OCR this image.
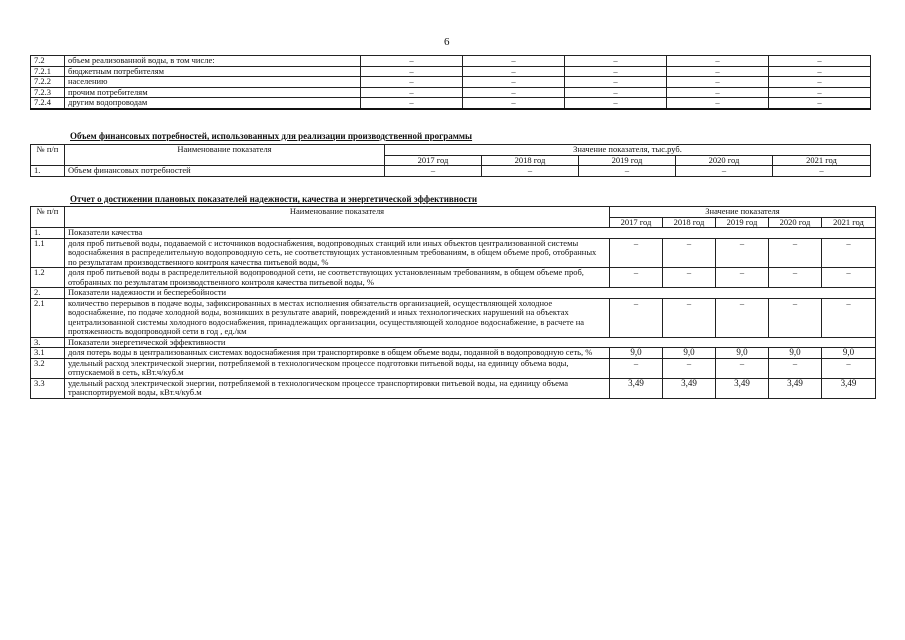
6
7.2	объем реализованной воды, в том числе:	–	–	–	–	–
7.2.1	бюджетным потребителям	–	–	–	–	–
7.2.2	населению	–	–	–	–	–
7.2.3	прочим потребителям	–	–	–	–	–
7.2.4	другим водопроводам	–	–	–	–	–
Объем финансовых потребностей, использованных для реализации производственной программы
№ п/п	Наименование показателя	Значение показателя, тыс.руб.				
		2017 год	2018 год	2019 год	2020 год	2021 год
1.	Объем финансовых потребностей	–	–	–	–	–
Отчет о достижении плановых показателей надежности, качества и энергетической эффективности
№ п/п	Наименование показателя	Значение показателя				
		2017 год	2018 год	2019 год	2020 год	2021 год
1.	Показатели качества					
1.1	доля проб питьевой воды, подаваемой с источников водоснабжения, водопроводных станций или иных объектов централизованной системы водоснабжения в распределительную водопроводную сеть, не соответствующих установленным требованиям, в общем объеме проб, отобранных по результатам производственного контроля качества питьевой воды, %	–	–	–	–	–
1.2	доля проб питьевой воды в распределительной водопроводной сети, не соответствующих установленным требованиям, в общем объеме проб, отобранных по результатам производственного контроля качества питьевой воды, %	–	–	–	–	–
2.	Показатели надежности и бесперебойности					
2.1	количество перерывов в подаче воды, зафиксированных в местах исполнения обязательств организацией, осуществляющей холодное водоснабжение, по подаче холодной воды, возникших в результате аварий, повреждений и иных технологических нарушений на объектах централизованной системы холодного водоснабжения, принадлежащих организации, осуществляющей холодное водоснабжение, в расчете на протяженность водопроводной сети в год , ед./км	–	–	–	–	–
3.	Показатели энергетической эффективности					
3.1	доля потерь воды в централизованных системах водоснабжения при транспортировке в общем объеме воды, поданной в водопроводную сеть, %	9,0	9,0	9,0	9,0	9,0
3.2	удельный расход электрической энергии, потребляемой в технологическом процессе подготовки питьевой воды, на единицу объема воды, отпускаемой в сеть, кВт.ч/куб.м	–	–	–	–	–
3.3	удельный расход электрической энергии, потребляемой в технологическом процессе транспортировки питьевой воды, на единицу объема транспортируемой воды, кВт.ч/куб.м	3,49	3,49	3,49	3,49	3,49
